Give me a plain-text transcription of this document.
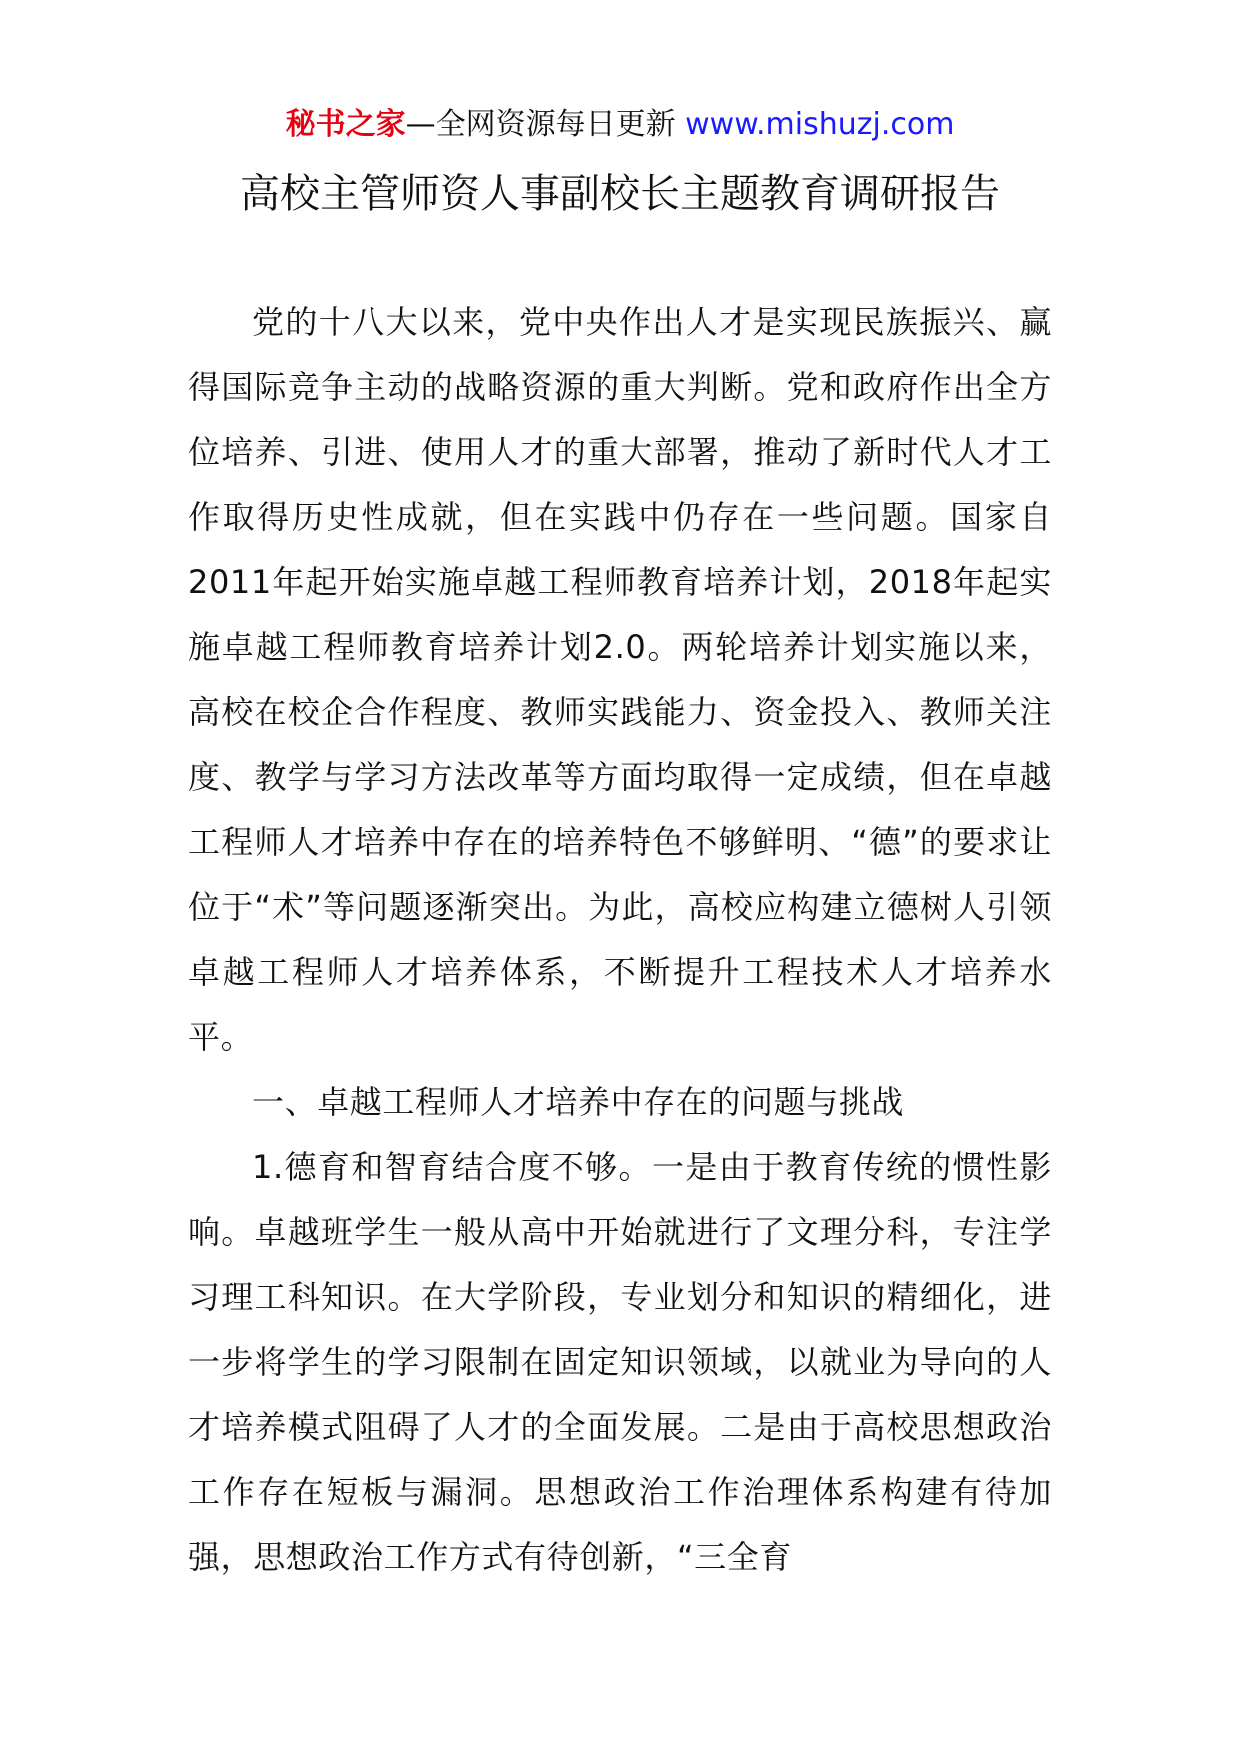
秘书之家—全网资源每日更新 www.mishuzj.com
高校主管师资人事副校长主题教育调研报告

党的十八大以来，党中央作出人才是实现民族振兴、赢得国际竞争主动的战略资源的重大判断。党和政府作出全方位培养、引进、使用人才的重大部署，推动了新时代人才工作取得历史性成就，但在实践中仍存在一些问题。国家自2011年起开始实施卓越工程师教育培养计划，2018年起实施卓越工程师教育培养计划2.0。两轮培养计划实施以来，高校在校企合作程度、教师实践能力、资金投入、教师关注度、教学与学习方法改革等方面均取得一定成绩，但在卓越工程师人才培养中存在的培养特色不够鲜明、“德”的要求让位于“术”等问题逐渐突出。为此，高校应构建立德树人引领卓越工程师人才培养体系，不断提升工程技术人才培养水平。

一、卓越工程师人才培养中存在的问题与挑战

1.德育和智育结合度不够。一是由于教育传统的惯性影响。卓越班学生一般从高中开始就进行了文理分科，专注学习理工科知识。在大学阶段，专业划分和知识的精细化，进一步将学生的学习限制在固定知识领域，以就业为导向的人才培养模式阻碍了人才的全面发展。二是由于高校思想政治工作存在短板与漏洞。思想政治工作治理体系构建有待加强，思想政治工作方式有待创新，“三全育
